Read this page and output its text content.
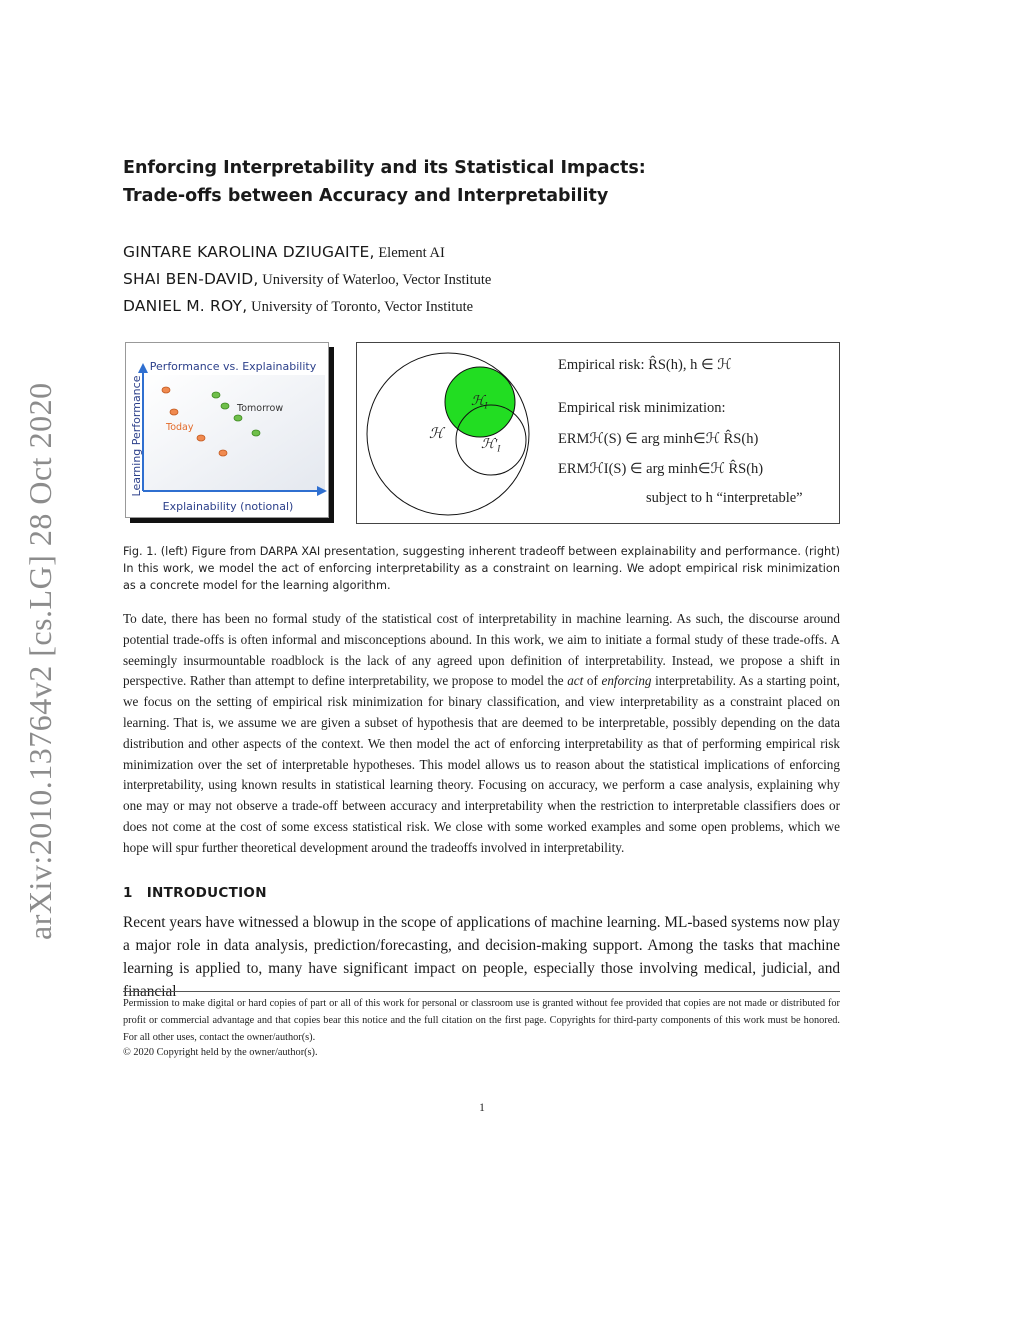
arXiv:2010.13764v2 [cs.LG] 28 Oct 2020
Enforcing Interpretability and its Statistical Impacts:
Trade-offs between Accuracy and Interpretability
GINTARE KAROLINA DZIUGAITE, Element AI
SHAI BEN-DAVID, University of Waterloo, Vector Institute
DANIEL M. ROY, University of Toronto, Vector Institute
Performance vs. Explainability
Explainability (notional)
Learning Performance	Tomorrow
Today	ℋ
ℋ$_I$
$ℋ'_I$
Empirical risk: R̂S(h), h ∈ ℋ
Empirical risk minimization:
ERMℋ(S) ∈ arg minh∈ℋ R̂S(h)
ERMℋI(S) ∈ arg minh∈ℋ R̂S(h)
subject to h “interpretable”
Fig. 1. (left) Figure from DARPA XAI presentation, suggesting inherent tradeoff between explainability and performance. (right) In this work, we model the act of enforcing interpretability as a constraint on learning. We adopt empirical risk minimization as a concrete model for the learning algorithm.
To date, there has been no formal study of the statistical cost of interpretability in machine learning. As such, the discourse around potential trade-offs is often informal and misconceptions abound. In this work, we aim to initiate a formal study of these trade-offs. A seemingly insurmountable roadblock is the lack of any agreed upon definition of interpretability. Instead, we propose a shift in perspective. Rather than attempt to define interpretability, we propose to model the act of enforcing interpretability. As a starting point, we focus on the setting of empirical risk minimization for binary classification, and view interpretability as a constraint placed on learning. That is, we assume we are given a subset of hypothesis that are deemed to be interpretable, possibly depending on the data distribution and other aspects of the context. We then model the act of enforcing interpretability as that of performing empirical risk minimization over the set of interpretable hypotheses. This model allows us to reason about the statistical implications of enforcing interpretability, using known results in statistical learning theory. Focusing on accuracy, we perform a case analysis, explaining why one may or may not observe a trade-off between accuracy and interpretability when the restriction to interpretable classifiers does or does not come at the cost of some excess statistical risk. We close with some worked examples and some open problems, which we hope will spur further theoretical development around the tradeoffs involved in interpretability.
1 INTRODUCTION
Recent years have witnessed a blowup in the scope of applications of machine learning. ML-based systems now play a major role in data analysis, prediction/forecasting, and decision-making support. Among the tasks that machine learning is applied to, many have significant impact on people, especially those involving medical, judicial, and financial
Permission to make digital or hard copies of part or all of this work for personal or classroom use is granted without fee provided that copies are not made or distributed for profit or commercial advantage and that copies bear this notice and the full citation on the first page. Copyrights for third-party components of this work must be honored. For all other uses, contact the owner/author(s).
© 2020 Copyright held by the owner/author(s).
1
